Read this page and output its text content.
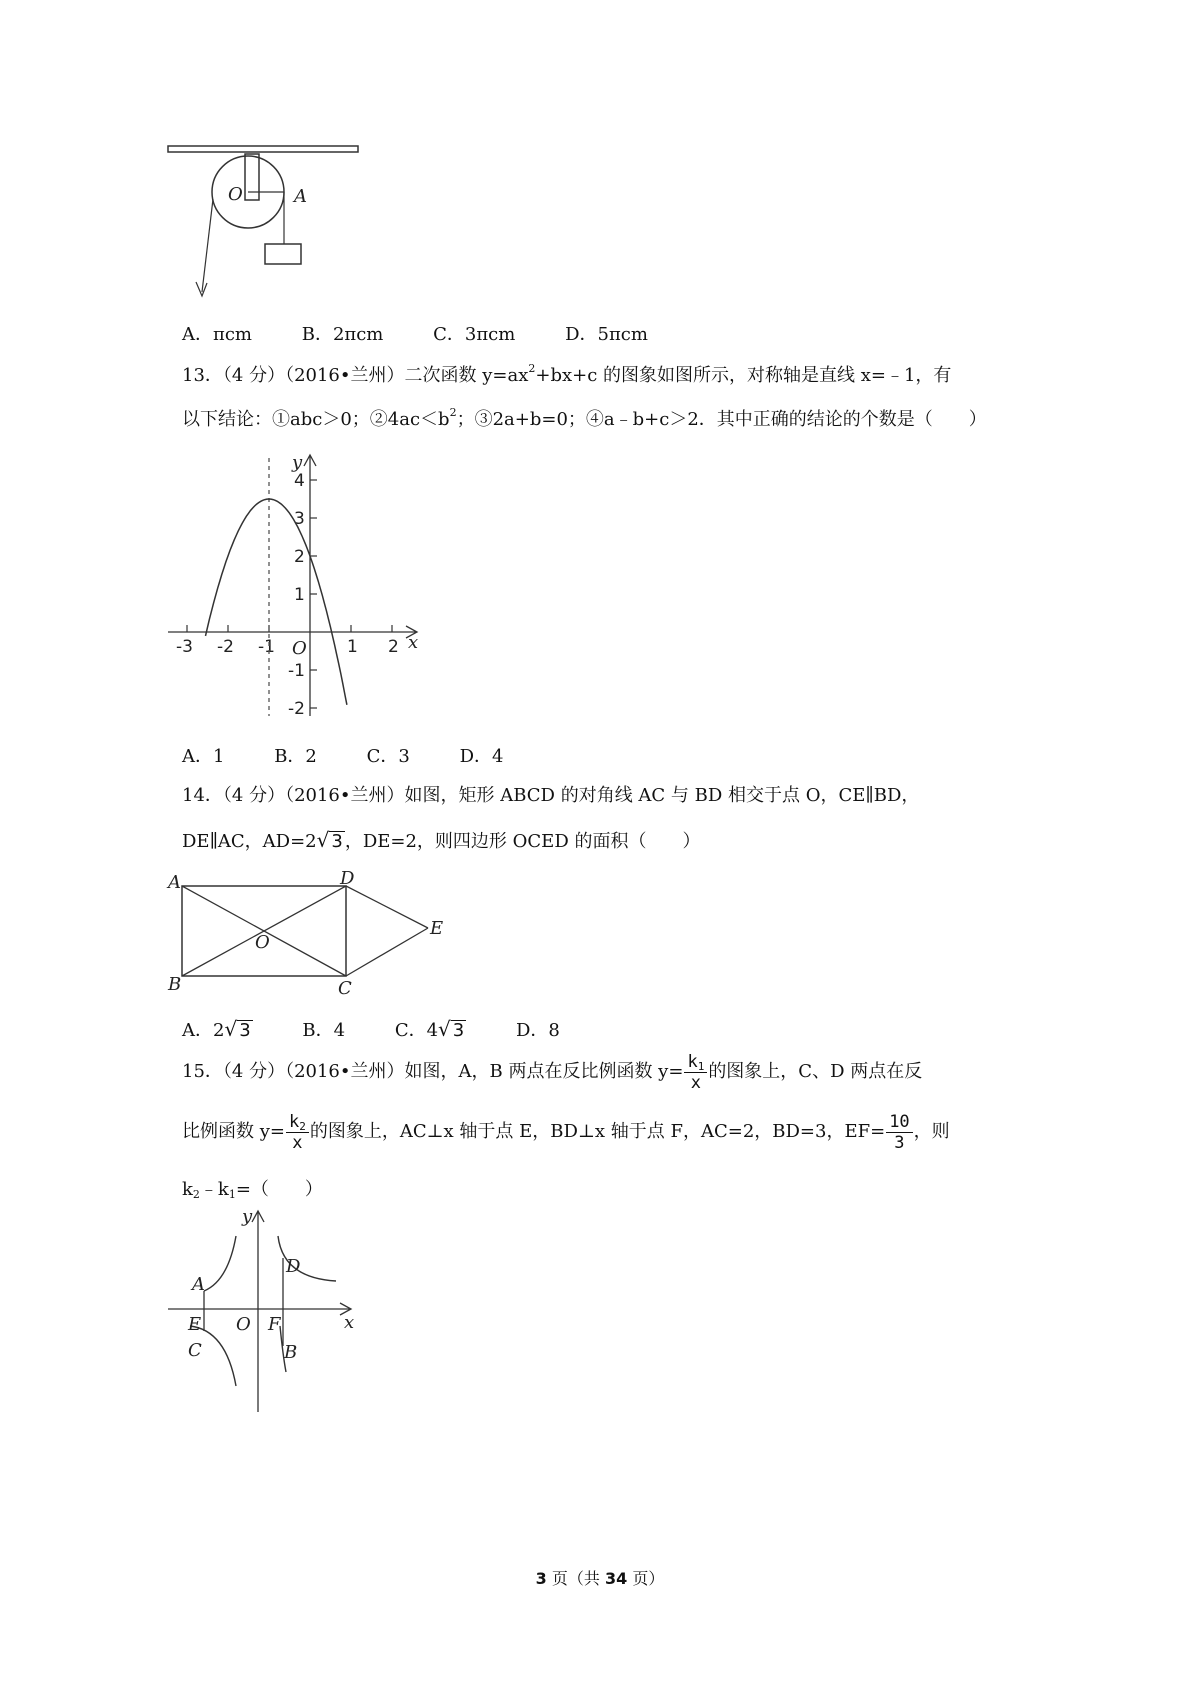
O	A
A．πcm	B．2πcm	C．3πcm	D．5πcm
13．（4 分）（2016•兰州）二次函数 $y=ax^2+bx+c$ 的图象如图所示，对称轴是直线 x=﹣1，有
以下结论：①abc＞0；$②4ac<b^2$；③2a+b=0；④a﹣b+c＞2．其中正确的结论的个数是（　　）
-3 -2 -1	1 2
4
3
2
1
-1
-2
y
x
O
A．1	B．2	C．3	D．4
14．（4 分）（2016•兰州）如图，矩形 ABCD 的对角线 AC 与 BD 相交于点 O，CE∥BD，
DE∥AC，AD=2√ 3 ，DE=2，则四边形 OCED 的面积（　　）
A
B	C
D
E
O
A．2√ 3	B．4	C．4√ 3	D．8
15．（4 分）（2016•兰州）如图，A，B 两点在反比例函数 $y= \frac{k_1}{x}$ 的图象上，C、D 两点在反
比例函数 $y= \frac{k_2}{x}$ 的图象上，AC⊥x 轴于点 E，BD⊥x 轴于点 F，AC=2，BD=3，$EF= \frac{10}{3}$ ，则
$k_2﹣k_1=$（　　）
y
x
A
B
C
D
E	F
O
3 页（共 34 页）
